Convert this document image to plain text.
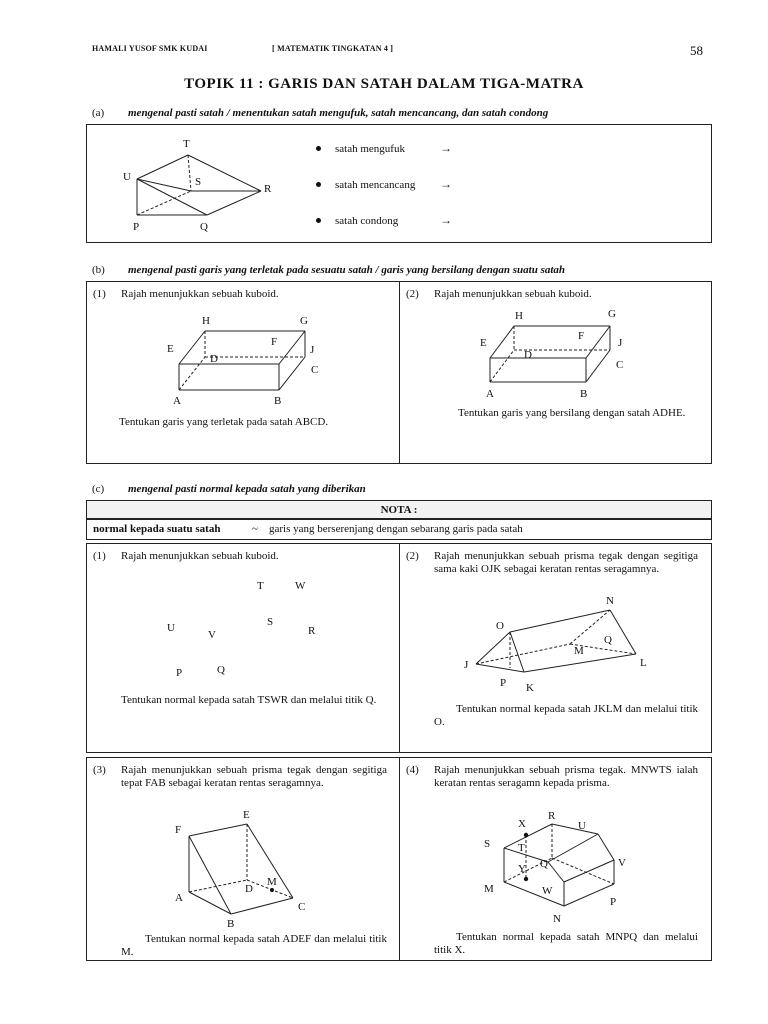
HAMALI YUSOF SMK KUDAI	[ MATEMATIK TINGKATAN 4 ]	58
TOPIK 11 : GARIS DAN SATAH DALAM TIGA-MATRA
(a) mengenal pasti satah / menentukan satah mengufuk, satah mencancang, dan satah condong
T
U	S
R
P	Q
satah mengufuk	→
satah mencancang	→
satah condong	→
(b) mengenal pasti garis yang terletak pada sesuatu satah / garis yang bersilang dengan suatu satah
(1) Rajah menunjukkan sebuah kuboid.
H	G
E
F
J
D
C
A	B
Tentukan garis yang terletak pada satah ABCD.
(2) Rajah menunjukkan sebuah kuboid.
H	G
E
F
J
D
C
A	B
Tentukan garis yang bersilang dengan satah ADHE.
(c) mengenal pasti normal kepada satah yang diberikan
NOTA :
normal kepada suatu satah	~ garis yang berserenjang dengan sebarang garis pada satah
(1) Rajah menunjukkan sebuah kuboid.
T	W
U	S
V	R
P	Q
Tentukan normal kepada satah TSWR dan melalui titik Q.
(2) Rajah menunjukkan sebuah prisma tegak dengan segitiga sama kaki OJK sebagai keratan rentas seragamnya.
N
O
Q
M
J	L
P K
Tentukan normal kepada satah JKLM dan melalui titik O.
(3) Rajah menunjukkan sebuah prisma tegak dengan segitiga tepat FAB sebagai keratan rentas seragamnya.
E
F
D
M
A
C
B
Tentukan normal kepada satah ADEF dan melalui titik M.
(4) Rajah menunjukkan sebuah prisma tegak. MNWTS ialah keratan rentas seragamn kepada prisma.
X
R
U
S	T
Y Q	V
M	W
P
N
Tentukan normal kepada satah MNPQ dan melalui titik X.
